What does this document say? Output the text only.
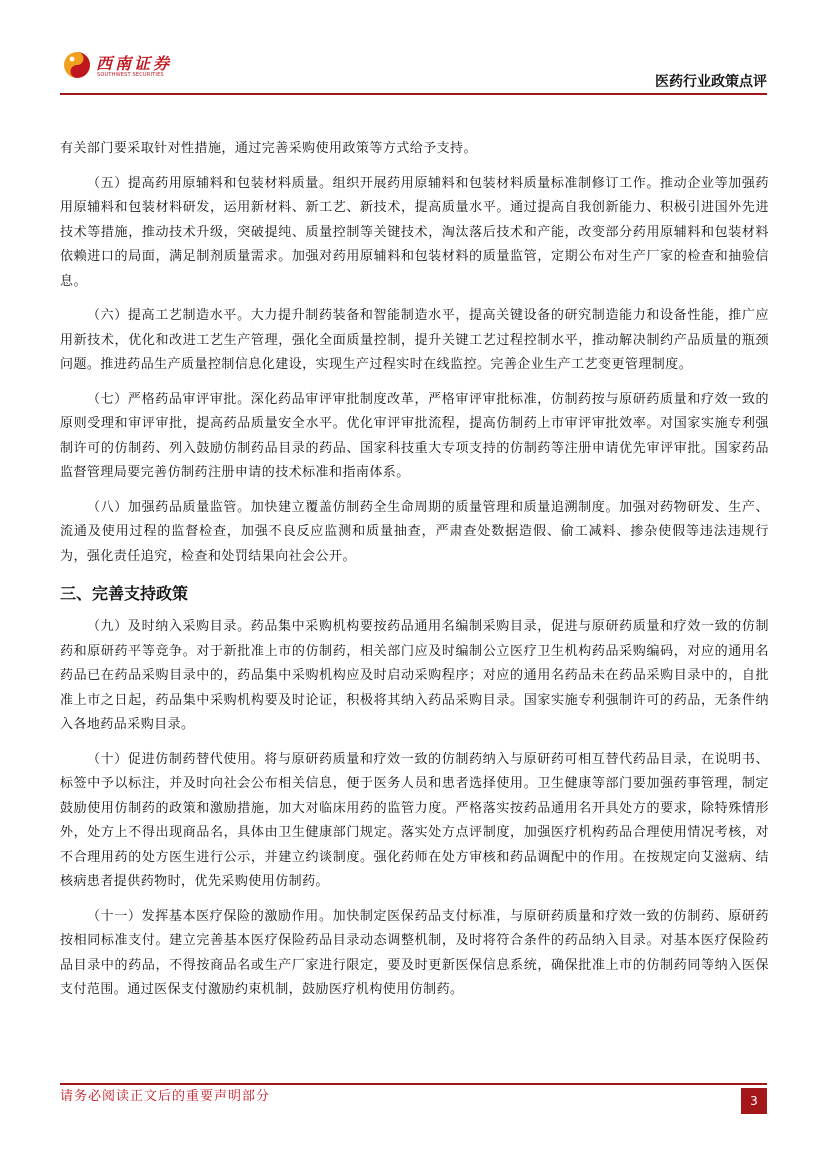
西南证券
SOUTHWEST SECURITIES	医药行业政策点评

有关部门要采取针对性措施，通过完善采购使用政策等方式给予支持。

（五）提高药用原辅料和包装材料质量。组织开展药用原辅料和包装材料质量标准制修订工作。推动企业等加强药用原辅料和包装材料研发，运用新材料、新工艺、新技术，提高质量水平。通过提高自我创新能力、积极引进国外先进技术等措施，推动技术升级，突破提纯、质量控制等关键技术，淘汰落后技术和产能，改变部分药用原辅料和包装材料依赖进口的局面，满足制剂质量需求。加强对药用原辅料和包装材料的质量监管，定期公布对生产厂家的检查和抽验信息。

（六）提高工艺制造水平。大力提升制药装备和智能制造水平，提高关键设备的研究制造能力和设备性能，推广应用新技术，优化和改进工艺生产管理，强化全面质量控制，提升关键工艺过程控制水平，推动解决制约产品质量的瓶颈问题。推进药品生产质量控制信息化建设，实现生产过程实时在线监控。完善企业生产工艺变更管理制度。

（七）严格药品审评审批。深化药品审评审批制度改革，严格审评审批标准，仿制药按与原研药质量和疗效一致的原则受理和审评审批，提高药品质量安全水平。优化审评审批流程，提高仿制药上市审评审批效率。对国家实施专利强制许可的仿制药、列入鼓励仿制药品目录的药品、国家科技重大专项支持的仿制药等注册申请优先审评审批。国家药品监督管理局要完善仿制药注册申请的技术标准和指南体系。

（八）加强药品质量监管。加快建立覆盖仿制药全生命周期的质量管理和质量追溯制度。加强对药物研发、生产、流通及使用过程的监督检查，加强不良反应监测和质量抽查，严肃查处数据造假、偷工减料、掺杂使假等违法违规行为，强化责任追究，检查和处罚结果向社会公开。

三、完善支持政策

（九）及时纳入采购目录。药品集中采购机构要按药品通用名编制采购目录，促进与原研药质量和疗效一致的仿制药和原研药平等竞争。对于新批准上市的仿制药，相关部门应及时编制公立医疗卫生机构药品采购编码，对应的通用名药品已在药品采购目录中的，药品集中采购机构应及时启动采购程序；对应的通用名药品未在药品采购目录中的，自批准上市之日起，药品集中采购机构要及时论证，积极将其纳入药品采购目录。国家实施专利强制许可的药品，无条件纳入各地药品采购目录。

（十）促进仿制药替代使用。将与原研药质量和疗效一致的仿制药纳入与原研药可相互替代药品目录，在说明书、标签中予以标注，并及时向社会公布相关信息，便于医务人员和患者选择使用。卫生健康等部门要加强药事管理，制定鼓励使用仿制药的政策和激励措施，加大对临床用药的监管力度。严格落实按药品通用名开具处方的要求，除特殊情形外，处方上不得出现商品名，具体由卫生健康部门规定。落实处方点评制度，加强医疗机构药品合理使用情况考核，对不合理用药的处方医生进行公示，并建立约谈制度。强化药师在处方审核和药品调配中的作用。在按规定向艾滋病、结核病患者提供药物时，优先采购使用仿制药。

（十一）发挥基本医疗保险的激励作用。加快制定医保药品支付标准，与原研药质量和疗效一致的仿制药、原研药按相同标准支付。建立完善基本医疗保险药品目录动态调整机制，及时将符合条件的药品纳入目录。对基本医疗保险药品目录中的药品，不得按商品名或生产厂家进行限定，要及时更新医保信息系统，确保批准上市的仿制药同等纳入医保支付范围。通过医保支付激励约束机制，鼓励医疗机构使用仿制药。

请务必阅读正文后的重要声明部分	3
